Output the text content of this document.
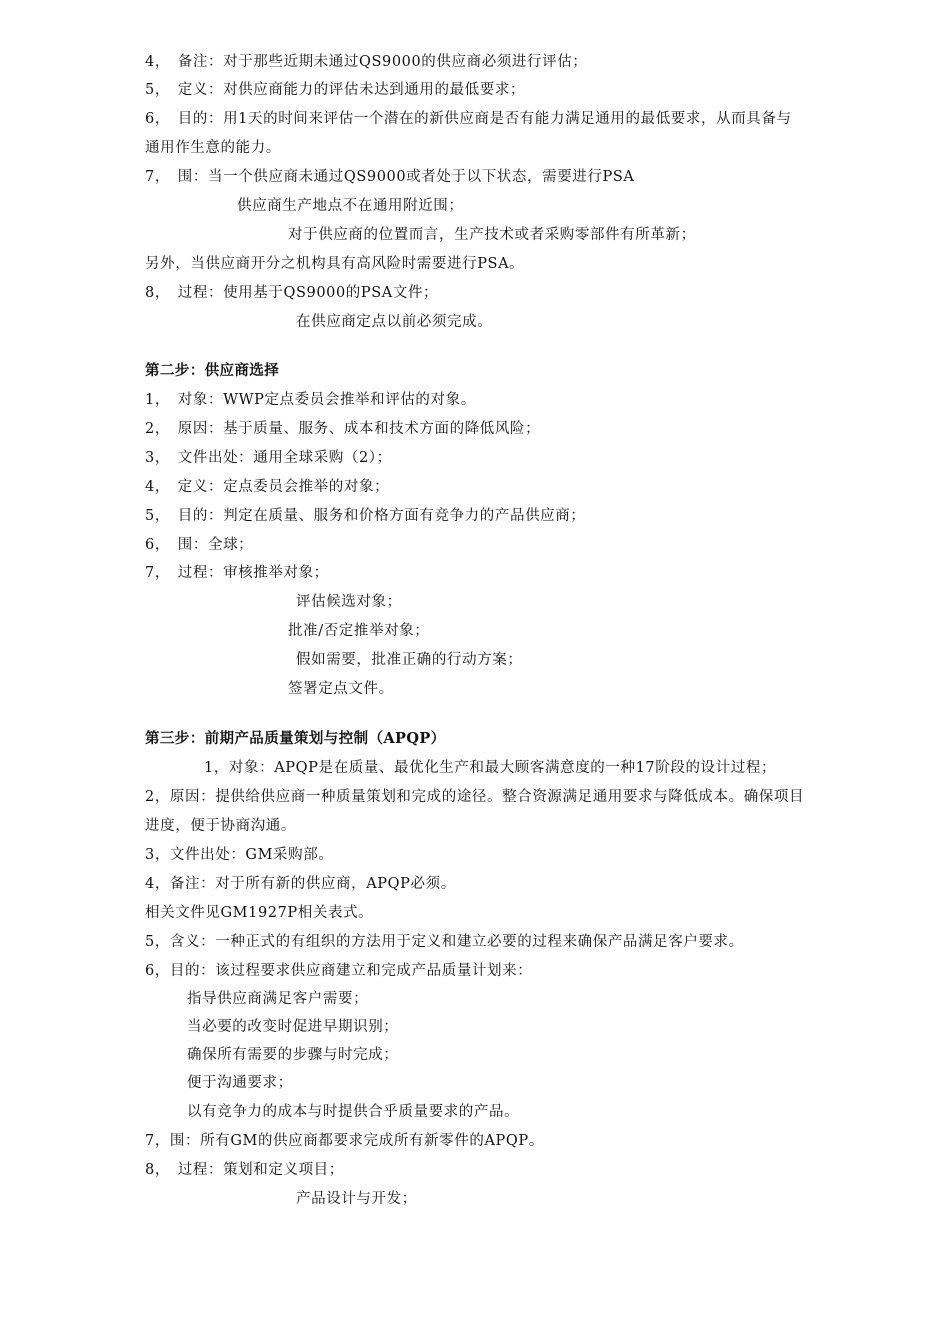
4，　备注：对于那些近期未通过QS9000的供应商必须进行评估；
5，　定义：对供应商能力的评估未达到通用的最低要求；
6，　目的：用1天的时间来评估一个潜在的新供应商是否有能力满足通用的最低要求，从而具备与
通用作生意的能力。
7，　围：当一个供应商未通过QS9000或者处于以下状态，需要进行PSA
供应商生产地点不在通用附近围；
对于供应商的位置而言，生产技术或者采购零部件有所革新；
另外，当供应商开分之机构具有高风险时需要进行PSA。
8，　过程：使用基于QS9000的PSA文件；
在供应商定点以前必须完成。
第二步：供应商选择
1，　对象：WWP定点委员会推举和评估的对象。
2，　原因：基于质量、服务、成本和技术方面的降低风险；
3，　文件出处：通用全球采购（2）；
4，　定义：定点委员会推举的对象；
5，　目的：判定在质量、服务和价格方面有竞争力的产品供应商；
6，　围：全球；
7，　过程：审核推举对象；
评估候选对象；
批准/否定推举对象；
假如需要，批准正确的行动方案；
签署定点文件。
第三步：前期产品质量策划与控制（APQP）
1，对象：APQP是在质量、最优化生产和最大顾客满意度的一种17阶段的设计过程；
2，原因：提供给供应商一种质量策划和完成的途径。整合资源满足通用要求与降低成本。确保项目
进度，便于协商沟通。
3，文件出处：GM采购部。
4，备注：对于所有新的供应商，APQP必须。
相关文件见GM1927P相关表式。
5，含义：一种正式的有组织的方法用于定义和建立必要的过程来确保产品满足客户要求。
6，目的：该过程要求供应商建立和完成产品质量计划来：
指导供应商满足客户需要；
当必要的改变时促进早期识别；
确保所有需要的步骤与时完成；
便于沟通要求；
以有竞争力的成本与时提供合乎质量要求的产品。
7，围：所有GM的供应商都要求完成所有新零件的APQP。
8，　过程：策划和定义项目；
产品设计与开发；
